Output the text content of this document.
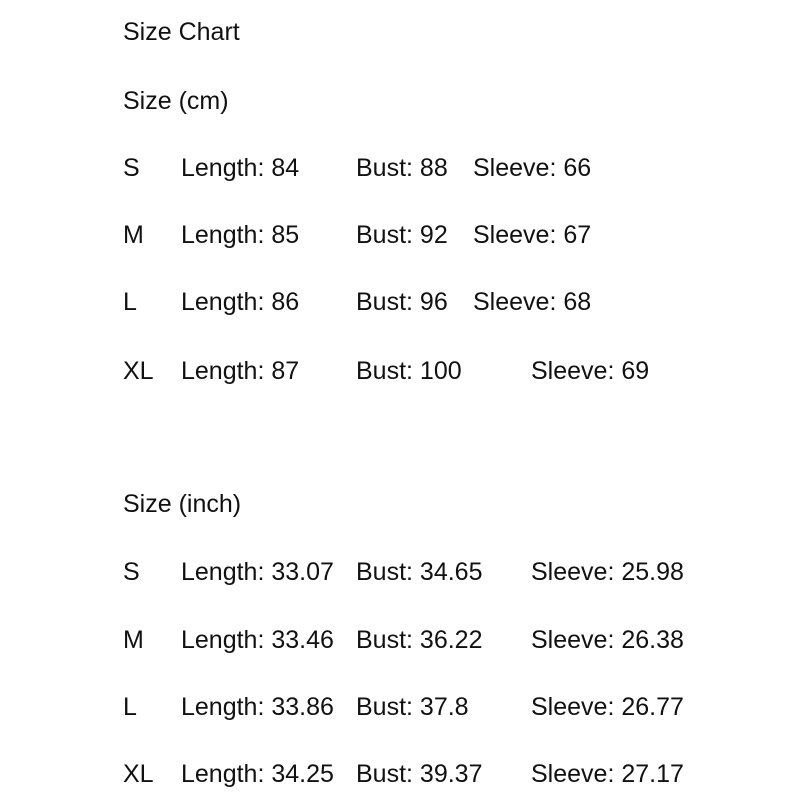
Size Chart
Size (cm)
S Length: 84 Bust: 88 Sleeve: 66
M Length: 85 Bust: 92 Sleeve: 67
L Length: 86 Bust: 96 Sleeve: 68
XL Length: 87 Bust: 100	Sleeve: 69
Size (inch)
S Length: 33.07 Bust: 34.65 Sleeve: 25.98
M Length: 33.46 Bust: 36.22 Sleeve: 26.38
L Length: 33.86 Bust: 37.8 Sleeve: 26.77
XL Length: 34.25 Bust: 39.37 Sleeve: 27.17
